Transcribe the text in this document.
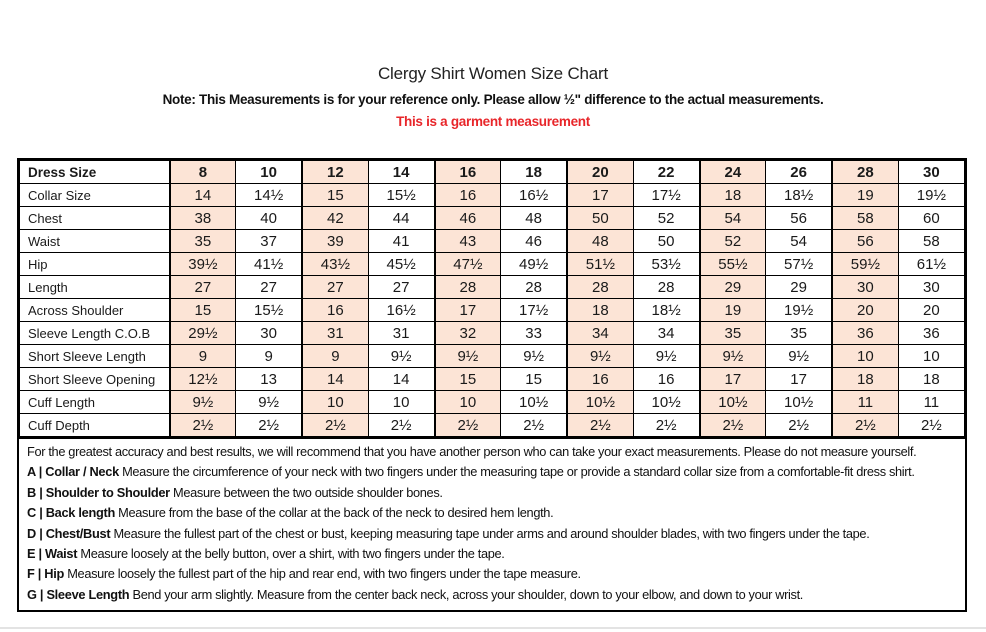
Clergy Shirt Women Size Chart
Note: This Measurements is for your reference only. Please allow ½" difference to the actual measurements.
This is a garment measurement
Dress Size	8	10	12	14	16	18	20	22	24	26	28	30
Collar Size	14	14½	15	15½	16	16½	17	17½	18	18½	19	19½
Chest	38	40	42	44	46	48	50	52	54	56	58	60
Waist	35	37	39	41	43	46	48	50	52	54	56	58
Hip	39½	41½	43½	45½	47½	49½	51½	53½	55½	57½	59½	61½
Length	27	27	27	27	28	28	28	28	29	29	30	30
Across Shoulder	15	15½	16	16½	17	17½	18	18½	19	19½	20	20
Sleeve Length C.O.B	29½	30	31	31	32	33	34	34	35	35	36	36
Short Sleeve Length	9	9	9	9½	9½	9½	9½	9½	9½	9½	10	10
Short Sleeve Opening	12½	13	14	14	15	15	16	16	17	17	18	18
Cuff Length	9½	9½	10	10	10	10½	10½	10½	10½	10½	11	11
Cuff Depth	2½	2½	2½	2½	2½	2½	2½	2½	2½	2½	2½	2½
For the greatest accuracy and best results, we will recommend that you have another person who can take your exact measurements. Please do not measure yourself.
A | Collar / Neck Measure the circumference of your neck with two fingers under the measuring tape or provide a standard collar size from a comfortable-fit dress shirt.
B | Shoulder to Shoulder Measure between the two outside shoulder bones.
C | Back length Measure from the base of the collar at the back of the neck to desired hem length.
D | Chest/Bust Measure the fullest part of the chest or bust, keeping measuring tape under arms and around shoulder blades, with two fingers under the tape.
E | Waist Measure loosely at the belly button, over a shirt, with two fingers under the tape.
F | Hip Measure loosely the fullest part of the hip and rear end, with two fingers under the tape measure.
G | Sleeve Length Bend your arm slightly. Measure from the center back neck, across your shoulder, down to your elbow, and down to your wrist.
